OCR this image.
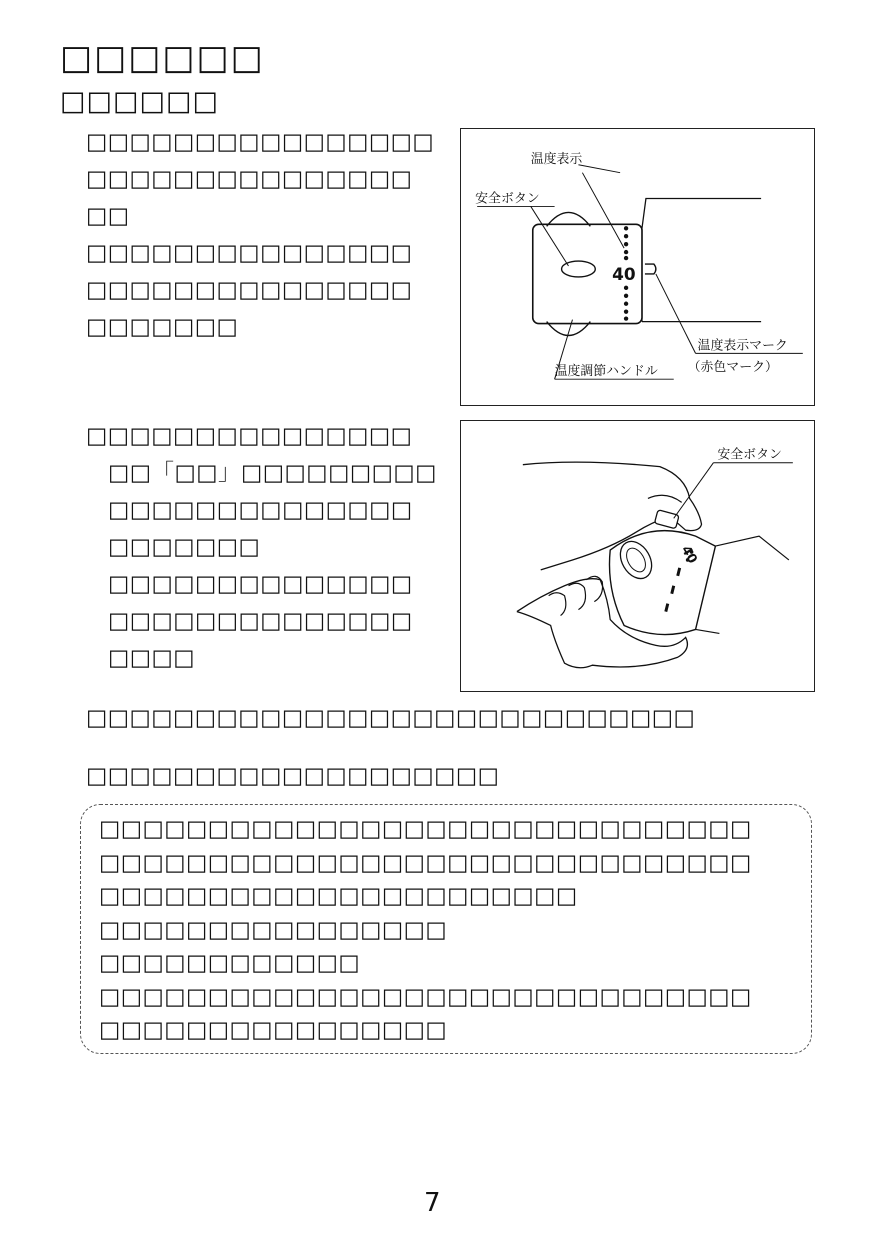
□□□□□□
□□□□□□
□□□□□□□□□□□□□□□□
□□□□□□□□□□□□□□□
□□
□□□□□□□□□□□□□□□
□□□□□□□□□□□□□□□
□□□□□□□
40
温度表示
安全ボタン
温度表示マーク
（赤色マーク）
温度調節ハンドル
□□□□□□□□□□□□□□□
□□「□□」□□□□□□□□□
□□□□□□□□□□□□□□
□□□□□□□
□□□□□□□□□□□□□□
□□□□□□□□□□□□□□
□□□□
40
安全ボタン
□□□□□□□□□□□□□□□□□□□□□□□□□□□□
□□□□□□□□□□□□□□□□□□□
□□□□□□□□□□□□□□□□□□□□□□□□□□□□□□
□□□□□□□□□□□□□□□□□□□□□□□□□□□□□□
□□□□□□□□□□□□□□□□□□□□□□
□□□□□□□□□□□□□□□□
□□□□□□□□□□□□
□□□□□□□□□□□□□□□□□□□□□□□□□□□□□□
□□□□□□□□□□□□□□□□
7
